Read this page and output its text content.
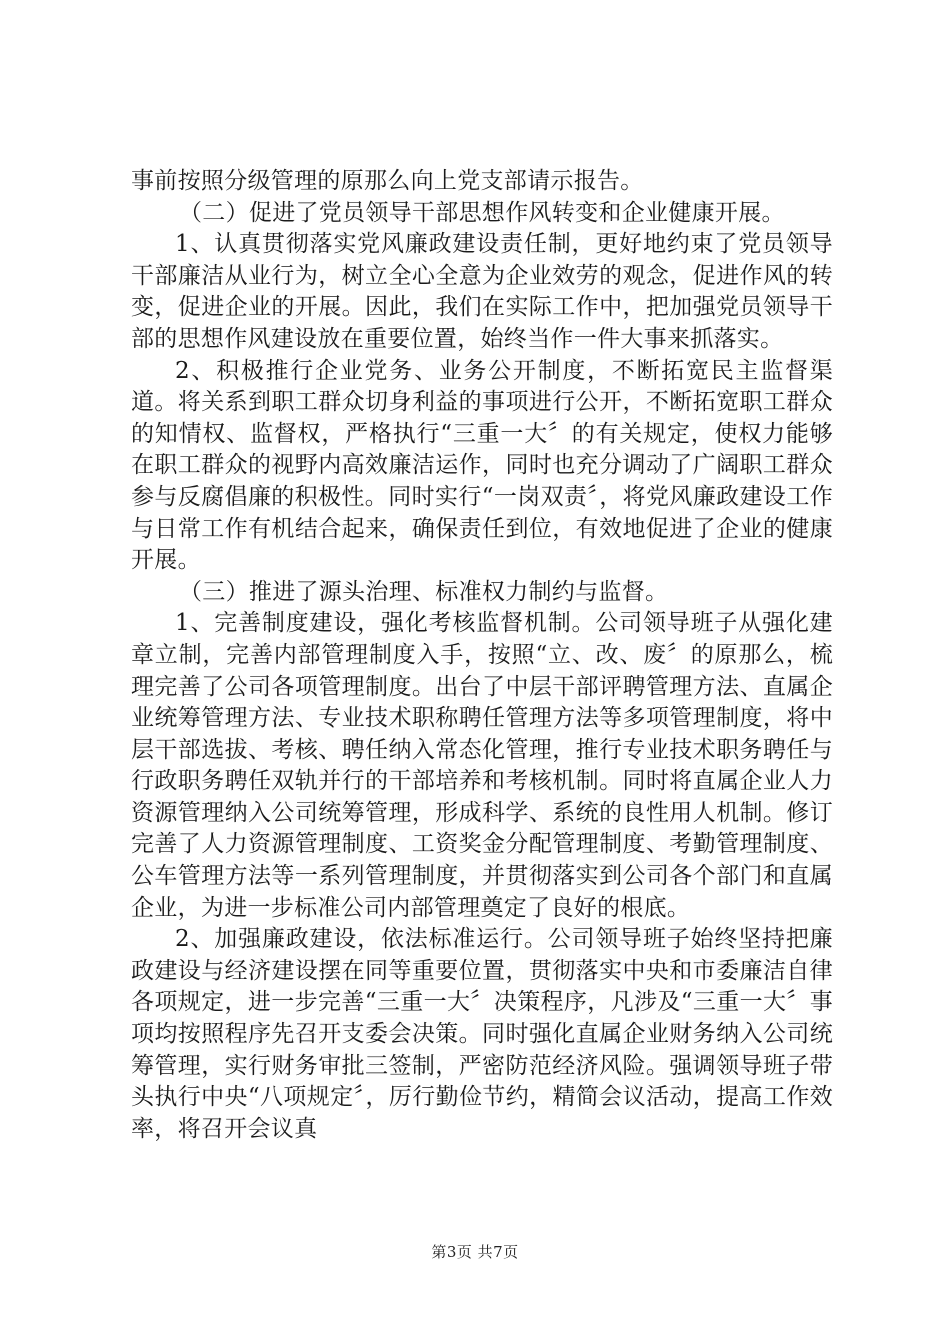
事前按照分级管理的原那么向上党支部请示报告。

（二）促进了党员领导干部思想作风转变和企业健康开展。

1、认真贯彻落实党风廉政建设责任制，更好地约束了党员领导干部廉洁从业行为，树立全心全意为企业效劳的观念，促进作风的转变，促进企业的开展。因此，我们在实际工作中，把加强党员领导干部的思想作风建设放在重要位置，始终当作一件大事来抓落实。

2、积极推行企业党务、业务公开制度，不断拓宽民主监督渠道。将关系到职工群众切身利益的事项进行公开，不断拓宽职工群众的知情权、监督权，严格执行“三重一大〞的有关规定，使权力能够在职工群众的视野内高效廉洁运作，同时也充分调动了广阔职工群众参与反腐倡廉的积极性。同时实行“一岗双责〞，将党风廉政建设工作与日常工作有机结合起来，确保责任到位，有效地促进了企业的健康开展。

（三）推进了源头治理、标准权力制约与监督。

1、完善制度建设，强化考核监督机制。公司领导班子从强化建章立制，完善内部管理制度入手，按照“立、改、废〞的原那么，梳理完善了公司各项管理制度。出台了中层干部评聘管理方法、直属企业统筹管理方法、专业技术职称聘任管理方法等多项管理制度，将中层干部选拔、考核、聘任纳入常态化管理，推行专业技术职务聘任与行政职务聘任双轨并行的干部培养和考核机制。同时将直属企业人力资源管理纳入公司统筹管理，形成科学、系统的良性用人机制。修订完善了人力资源管理制度、工资奖金分配管理制度、考勤管理制度、公车管理方法等一系列管理制度，并贯彻落实到公司各个部门和直属企业，为进一步标准公司内部管理奠定了良好的根底。

2、加强廉政建设，依法标准运行。公司领导班子始终坚持把廉政建设与经济建设摆在同等重要位置，贯彻落实中央和市委廉洁自律各项规定，进一步完善“三重一大〞决策程序，凡涉及“三重一大〞事项均按照程序先召开支委会决策。同时强化直属企业财务纳入公司统筹管理，实行财务审批三签制，严密防范经济风险。强调领导班子带头执行中央“八项规定〞，厉行勤俭节约，精简会议活动，提高工作效率，将召开会议真

第3页 共7页
